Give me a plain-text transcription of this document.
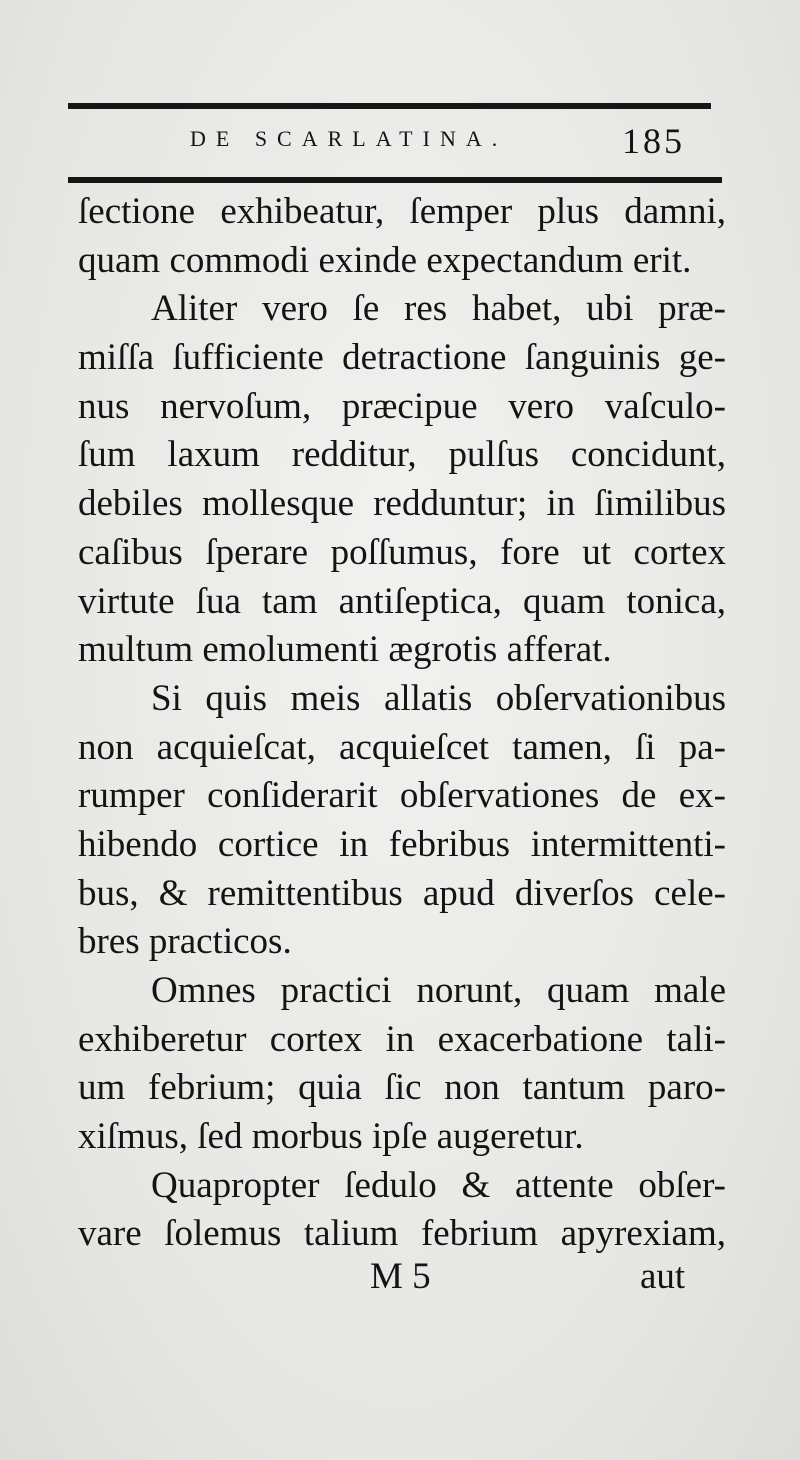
DE SCARLATINA.	185
ſectione exhibeatur, ſemper plus damni,
quam commodi exinde expectandum erit.
Aliter vero ſe res habet, ubi præ-
miſſa ſufficiente detractione ſanguinis ge-
nus nervoſum, præcipue vero vaſculo-
ſum laxum redditur, pulſus concidunt,
debiles mollesque redduntur; in ſimilibus
caſibus ſperare poſſumus, fore ut cortex
virtute ſua tam antiſeptica, quam tonica,
multum emolumenti ægrotis afferat.
Si quis meis allatis obſervationibus
non acquieſcat, acquieſcet tamen, ſi pa-
rumper conſiderarit obſervationes de ex-
hibendo cortice in febribus intermittenti-
bus, & remittentibus apud diverſos cele-
bres practicos.
Omnes practici norunt, quam male
exhiberetur cortex in exacerbatione tali-
um febrium; quia ſic non tantum paro-
xiſmus, ſed morbus ipſe augeretur.
Quapropter ſedulo & attente obſer-
vare ſolemus talium febrium apyrexiam,
M 5	aut
